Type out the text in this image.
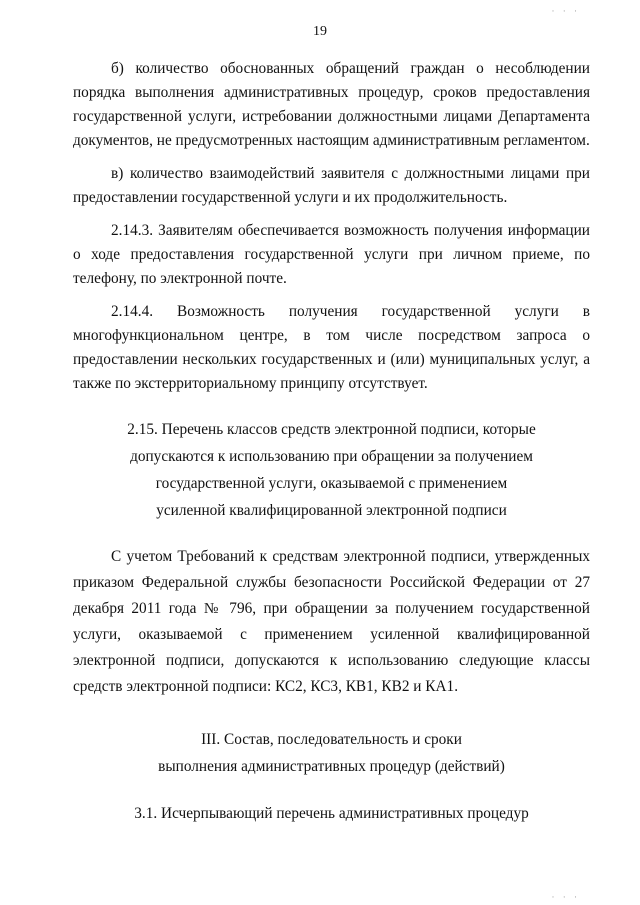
19

б) количество обоснованных обращений граждан о несоблюдении порядка выполнения административных процедур, сроков предоставления государственной услуги, истребовании должностными лицами Департамента документов, не предусмотренных настоящим административным регламентом.

в) количество взаимодействий заявителя с должностными лицами при предоставлении государственной услуги и их продолжительность.

2.14.3. Заявителям обеспечивается возможность получения информации о ходе предоставления государственной услуги при личном приеме, по телефону, по электронной почте.

2.14.4. Возможность получения государственной услуги в многофункциональном центре, в том числе посредством запроса о предоставлении нескольких государственных и (или) муниципальных услуг, а также по экстерриториальному принципу отсутствует.

2.15. Перечень классов средств электронной подписи, которые
допускаются к использованию при обращении за получением
государственной услуги, оказываемой с применением
усиленной квалифицированной электронной подписи

С учетом Требований к средствам электронной подписи, утвержденных приказом Федеральной службы безопасности Российской Федерации от 27 декабря 2011 года № 796, при обращении за получением государственной услуги, оказываемой с применением усиленной квалифицированной электронной подписи, допускаются к использованию следующие классы средств электронной подписи: КС2, КС3, КВ1, КВ2 и КА1.

III. Состав, последовательность и сроки
выполнения административных процедур (действий)
3.1. Исчерпывающий перечень административных процедур
· · ·
· · ·
